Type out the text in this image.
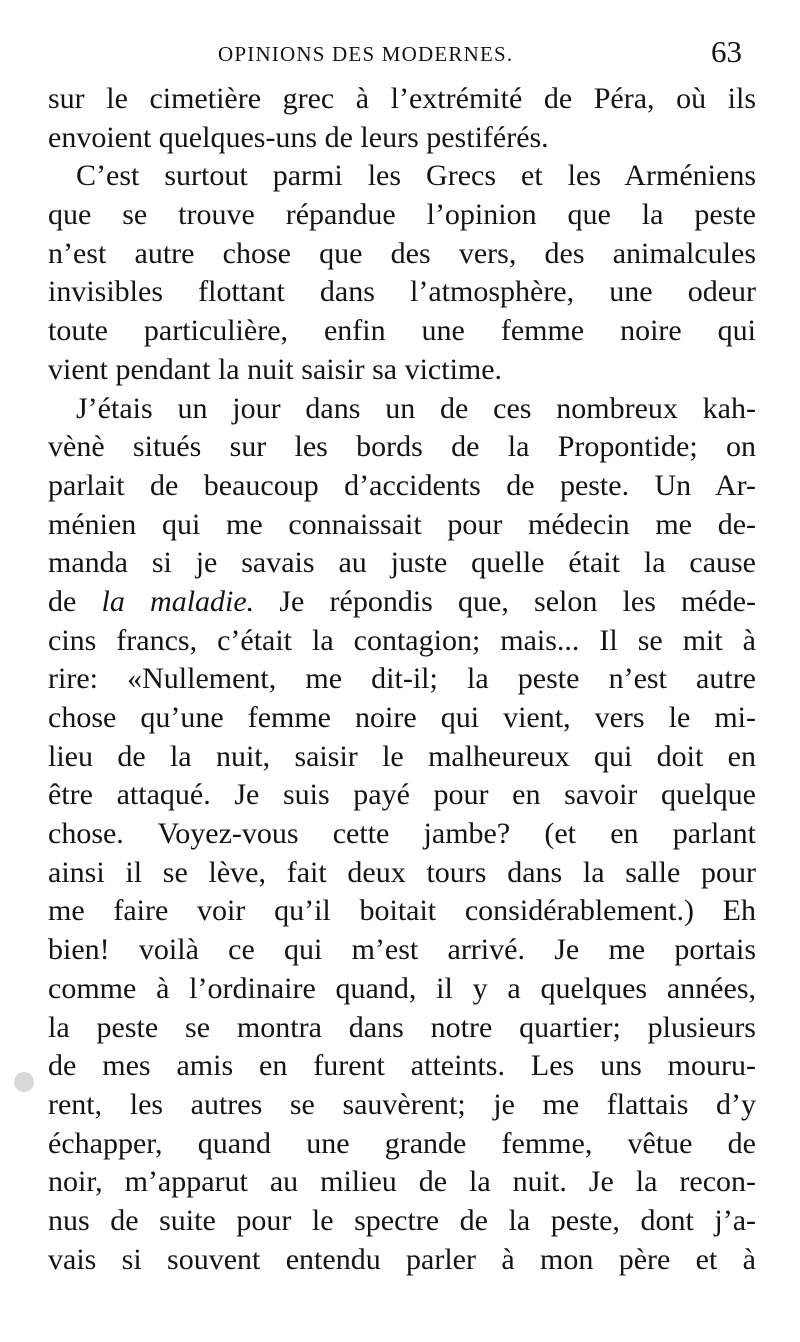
OPINIONS DES MODERNES.	63
sur le cimetière grec à l’extrémité de Péra, où ils
envoient quelques-uns de leurs pestiférés.
C’est surtout parmi les Grecs et les Arméniens
que se trouve répandue l’opinion que la peste
n’est autre chose que des vers, des animalcules
invisibles flottant dans l’atmosphère, une odeur
toute particulière, enfin une femme noire qui
vient pendant la nuit saisir sa victime.
J’étais un jour dans un de ces nombreux kah-
vènè situés sur les bords de la Propontide; on
parlait de beaucoup d’accidents de peste. Un Ar-
ménien qui me connaissait pour médecin me de-
manda si je savais au juste quelle était la cause
de la maladie. Je répondis que, selon les méde-
cins francs, c’était la contagion; mais... Il se mit à
rire: «Nullement, me dit-il; la peste n’est autre
chose qu’une femme noire qui vient, vers le mi-
lieu de la nuit, saisir le malheureux qui doit en
être attaqué. Je suis payé pour en savoir quelque
chose. Voyez-vous cette jambe? (et en parlant
ainsi il se lève, fait deux tours dans la salle pour
me faire voir qu’il boitait considérablement.) Eh
bien! voilà ce qui m’est arrivé. Je me portais
comme à l’ordinaire quand, il y a quelques années,
la peste se montra dans notre quartier; plusieurs
de mes amis en furent atteints. Les uns mouru-
rent, les autres se sauvèrent; je me flattais d’y
échapper, quand une grande femme, vêtue de
noir, m’apparut au milieu de la nuit. Je la recon-
nus de suite pour le spectre de la peste, dont j’a-
vais si souvent entendu parler à mon père et à
